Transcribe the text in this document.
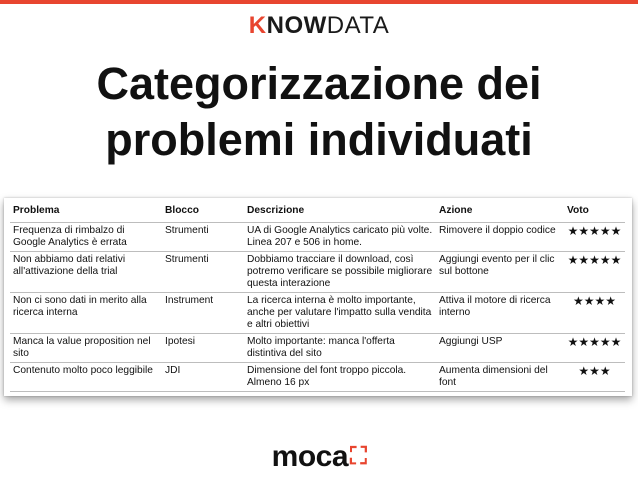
KNOWDATA
Categorizzazione dei
problemi individuati
Problema	Blocco	Descrizione	Azione	Voto
Frequenza di rimbalzo di Google Analytics è errata	Strumenti	UA di Google Analytics caricato più volte. Linea 207 e 506 in home.	Rimovere il doppio codice	★★★★★
Non abbiamo dati relativi all'attivazione della trial	Strumenti	Dobbiamo tracciare il download, così potremo verificare se possibile migliorare questa interazione	Aggiungi evento per il clic sul bottone	★★★★★
Non ci sono dati in merito alla ricerca interna	Instrument	La ricerca interna è molto importante, anche per valutare l'impatto sulla vendita e altri obiettivi	Attiva il motore di ricerca interno	★★★★
Manca la value proposition nel sito	Ipotesi	Molto importante: manca l'offerta distintiva del sito	Aggiungi USP	★★★★★
Contenuto molto poco leggibile	JDI	Dimensione del font troppo piccola. Almeno 16 px	Aumenta dimensioni del font	★★★
moca⛶
